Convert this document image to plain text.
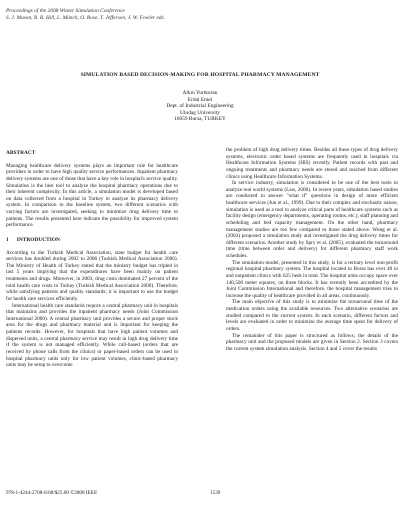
Proceedings of the 2008 Winter Simulation Conference
S. J. Mason, R. R. Hill, L. Mönch, O. Rose, T. Jefferson, J. W. Fowler eds.
SIMULATION BASED DECISION-MAKING FOR HOSPITAL PHARMACY MANAGEMENT
Alkın Yurtkuran
Erdal Emel
Dept. of Industrial Engineering
Uludag University
16059 Bursa, TURKEY
ABSTRACT

Managing healthcare delivery systems plays an important role for healthcare providers in order to have high quality service performances. Inpatient pharmacy delivery systems are one of those that have a key role in hospital's service quality. Simulation is the best tool to analyze the hospital pharmacy operations due to their inherent complexity. In this article, a simulation model is developed based on data collected from a hospital in Turkey to analyze its pharmacy delivery system. In comparison to the baseline system, two different scenarios with varying factors are investigated, seeking to minimize drug delivery time to patients. The results presented here indicate the possibility for improved system performance.

1      INTRODUCTION

According to the Turkish Medical Association, state budget for health care services has doubled during 2002 to 2006 (Turkish Medical Association 2006). The Ministry of Health of Turkey stated that the ministry budget has tripled in last 5 years implying that the expenditures have been mainly on patient treatments and drugs. Moreover, in 2003, drug costs dominated 27 percent of the total health care costs in Turkey (Turkish Medical Association 2006). Therefore, while satisfying patients and quality standards; it is important to use the budget for health care services efficiently.

International health care standards require a central pharmacy unit in hospitals that maintains and provides the inpatient pharmacy needs (Joint Commission International 2000). A central pharmacy unit provides a secure and proper stock area for the drugs and pharmacy material and is important for keeping the patients records. However, for hospitals that have high patient volumes and dispersed units, a central pharmacy service may result in high drug delivery time if the system is not managed efficiently. While call-based (orders that are received by phone calls from the clinics) or paper-based orders can be used in hospital pharmacy units only for low patient volumes, clinic-based pharmacy units may be setup to overcome

the problem of high drug delivery times. Besides all these types of drug delivery systems, electronic order based systems are frequently used in hospitals via Healthcare Information Systems (HIS) recently. Patient records with past and ongoing treatments and pharmacy needs are stored and reached from different clinics using Healthcare Information Systems.

In service industry, simulation is considered to be one of the best tools to analyze real world systems (Law, 2000). In recent years, simulation based studies are conducted to answer "what if" questions in design of more efficient healthcare services (Jun et al., 1999). Due to their complex and stochastic nature, simulation is used as a tool to analyze critical parts of healthcare systems such as facility design (emergency departments, operating rooms, etc.), staff planning and scheduling and bed capacity management. On the other hand, pharmacy management studies are too few compared to those stated above. Wong et al. (2003) proposed a simulation study and investigated the drug delivery times for different scenarios. Another study by Spry et al. (2005), evaluated the turnaround time (time between order and delivery) for different pharmacy staff work schedules.

The simulation model, presented in this study, is for a tertiary level non-profit regional hospital pharmacy system. The hospital located in Bursa has over 40 in and outpatient clinics with 625 beds in total. The hospital units occupy space over 140,500 meter squares, on three blocks. It has recently been accredited by the Joint Commission International and therefore, the hospital management tries to increase the quality of healthcare provided in all areas, continuously.

The main objective of this study is to minimize the turnaround time of the medication orders using the available resources. Two alternative scenarios are studied compared to the current system. In each scenario, different factors and levels are evaluated in order to minimize the average time spent for delivery of orders.

The remainder of this paper is structured as follows; the details of the pharmacy unit and the proposed models are given in Section 2. Section 3 covers the current system simulation analysis. Section 4 and 5 cover the results

978-1-4244-2708-6/08/$25.00 ©2008 IEEE	1539
